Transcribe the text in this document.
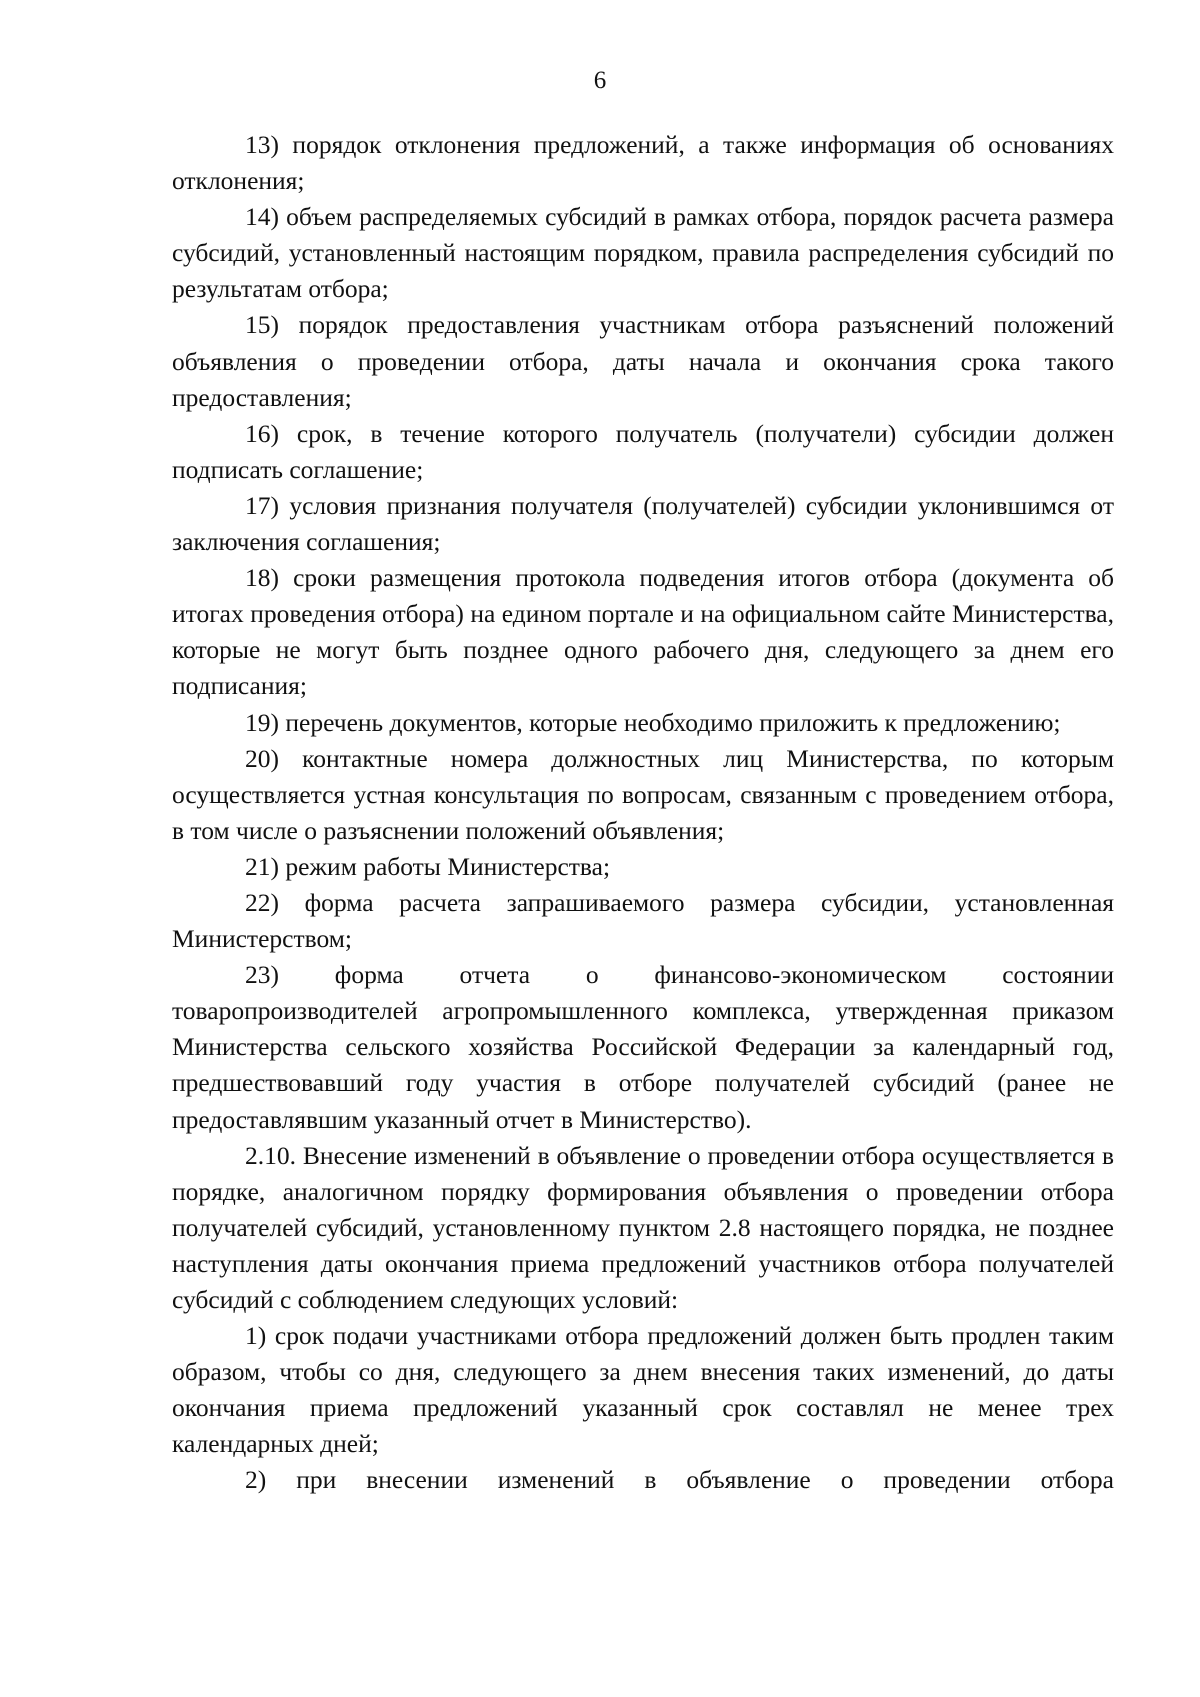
6

13) порядок отклонения предложений, а также информация об основаниях отклонения;

14) объем распределяемых субсидий в рамках отбора, порядок расчета размера субсидий, установленный настоящим порядком, правила распределения субсидий по результатам отбора;

15) порядок предоставления участникам отбора разъяснений положений объявления о проведении отбора, даты начала и окончания срока такого предоставления;

16) срок, в течение которого получатель (получатели) субсидии должен подписать соглашение;

17) условия признания получателя (получателей) субсидии уклонившимся от заключения соглашения;

18) сроки размещения протокола подведения итогов отбора (документа об итогах проведения отбора) на едином портале и на официальном сайте Министерства, которые не могут быть позднее одного рабочего дня, следующего за днем его подписания;

19) перечень документов, которые необходимо приложить к предложению;

20) контактные номера должностных лиц Министерства, по которым осуществляется устная консультация по вопросам, связанным с проведением отбора, в том числе о разъяснении положений объявления;

21) режим работы Министерства;

22) форма расчета запрашиваемого размера субсидии, установленная Министерством;

23) форма отчета о финансово-экономическом состоянии товаропроизводителей агропромышленного комплекса, утвержденная приказом Министерства сельского хозяйства Российской Федерации за календарный год, предшествовавший году участия в отборе получателей субсидий (ранее не предоставлявшим указанный отчет в Министерство).

2.10. Внесение изменений в объявление о проведении отбора осуществляется в порядке, аналогичном порядку формирования объявления о проведении отбора получателей субсидий, установленному пунктом 2.8 настоящего порядка, не позднее наступления даты окончания приема предложений участников отбора получателей субсидий с соблюдением следующих условий:

1) срок подачи участниками отбора предложений должен быть продлен таким образом, чтобы со дня, следующего за днем внесения таких изменений, до даты окончания приема предложений указанный срок составлял не менее трех календарных дней;

2) при внесении изменений в объявление о проведении отбора
